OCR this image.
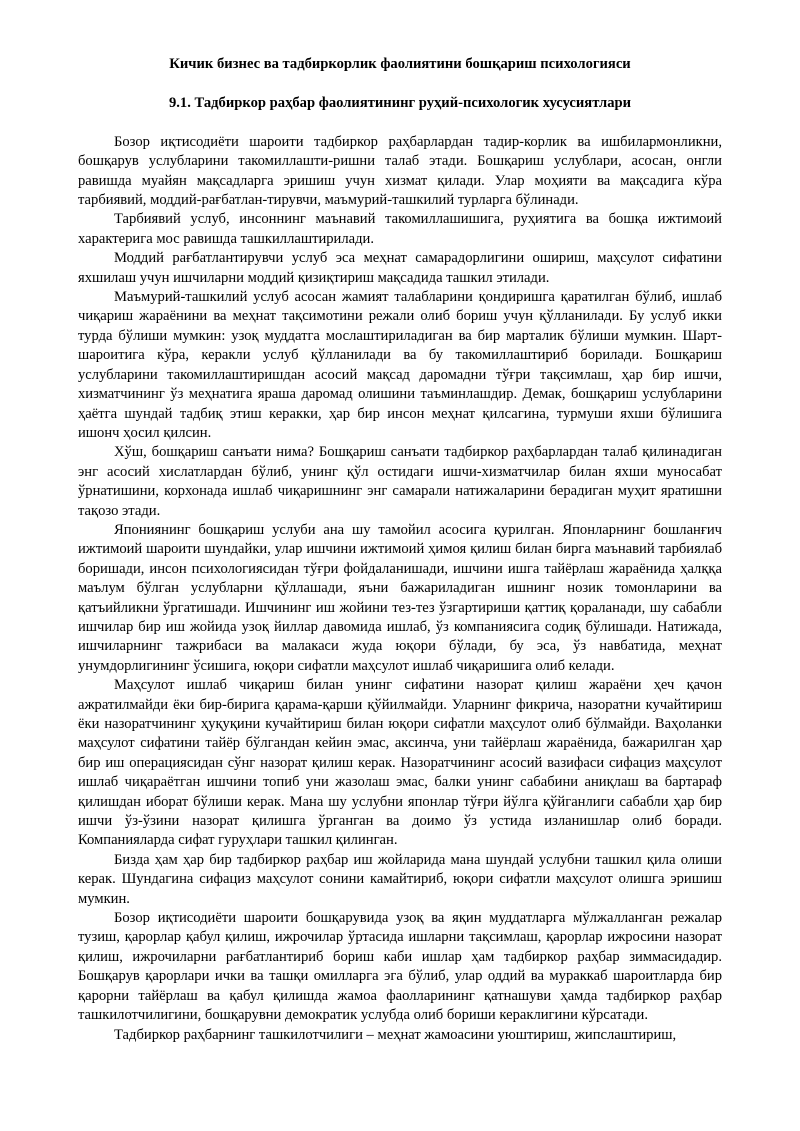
Кичик бизнес ва тадбиркорлик фаолиятини бошқариш психологияси
9.1. Тадбиркор раҳбар фаолиятининг руҳий-психологик хусусиятлари

Бозор иқтисодиёти шароити тадбиркор раҳбарлардан тадир-корлик ва ишбилармонликни, бошқарув услубларини такомиллашти-ришни талаб этади. Бошқариш услублари, асосан, онгли равишда муайян мақсадларга эришиш учун хизмат қилади. Улар моҳияти ва мақсадига кўра тарбиявий, моддий-рағбатлан-тирувчи, маъмурий-ташкилий турларга бўлинади.

Тарбиявий услуб, инсоннинг маънавий такомиллашишига, руҳиятига ва бошқа ижтимоий характерига мос равишда ташкиллаштирилади.

Моддий рағбатлантирувчи услуб эса меҳнат самарадорлигини ошириш, маҳсулот сифатини яхшилаш учун ишчиларни моддий қизиқтириш мақсадида ташкил этилади.

Маъмурий-ташкилий услуб асосан жамият талабларини қондиришга қаратилган бўлиб, ишлаб чиқариш жараёнини ва меҳнат тақсимотини режали олиб бориш учун қўлланилади. Бу услуб икки турда бўлиши мумкин: узоқ муддатга мослаштириладиган ва бир марталик бўлиши мумкин. Шарт-шароитига кўра, керакли услуб қўлланилади ва бу такомиллаштириб борилади. Бошқариш услубларини такомиллаштиришдан асосий мақсад даромадни тўғри тақсимлаш, ҳар бир ишчи, хизматчининг ўз меҳнатига яраша даромад олишини таъминлашдир. Демак, бошқариш услубларини ҳаётга шундай тадбиқ этиш керакки, ҳар бир инсон меҳнат қилсагина, турмуши яхши бўлишига ишонч ҳосил қилсин.

Хўш, бошқариш санъати нима? Бошқариш санъати тадбиркор раҳбарлардан талаб қилинадиган энг асосий хислатлардан бўлиб, унинг қўл остидаги ишчи-хизматчилар билан яхши муносабат ўрнатишини, корхонада ишлаб чиқаришнинг энг самарали натижаларини берадиган муҳит яратишни тақозо этади.

Япониянинг бошқариш услуби ана шу тамойил асосига қурилган. Японларнинг бошланғич ижтимоий шароити шундайки, улар ишчини ижтимоий ҳимоя қилиш билан бирга маънавий тарбиялаб боришади, инсон психологиясидан тўғри фойдаланишади, ишчини ишга тайёрлаш жараёнида ҳалққа маълум бўлган услубларни қўллашади, яъни бажариладиган ишнинг нозик томонларини ва қатъийликни ўргатишади. Ишчининг иш жойини тез-тез ўзгартириши қаттиқ қораланади, шу сабабли ишчилар бир иш жойида узоқ йиллар давомида ишлаб, ўз компаниясига содиқ бўлишади. Натижада, ишчиларнинг тажрибаси ва малакаси жуда юқори бўлади, бу эса, ўз навбатида, меҳнат унумдорлигининг ўсишига, юқори сифатли маҳсулот ишлаб чиқаришига олиб келади.

Маҳсулот ишлаб чиқариш билан унинг сифатини назорат қилиш жараёни ҳеч қачон ажратилмайди ёки бир-бирига қарама-қарши қўйилмайди. Уларнинг фикрича, назоратни кучайтириш ёки назоратчининг ҳуқуқини кучайтириш билан юқори сифатли маҳсулот олиб бўлмайди. Ваҳоланки маҳсулот сифатини тайёр бўлгандан кейин эмас, аксинча, уни тайёрлаш жараёнида, бажарилган ҳар бир иш операциясидан сўнг назорат қилиш керак. Назоратчининг асосий вазифаси сифациз маҳсулот ишлаб чиқараётган ишчини топиб уни жазолаш эмас, балки унинг сабабини аниқлаш ва бартараф қилишдан иборат бўлиши керак. Мана шу услубни японлар тўғри йўлга қўйганлиги сабабли ҳар бир ишчи ўз-ўзини назорат қилишга ўрганган ва доимо ўз устида изланишлар олиб боради. Компанияларда сифат гуруҳлари ташкил қилинган.

Бизда ҳам ҳар бир тадбиркор раҳбар иш жойларида мана шундай услубни ташкил қила олиши керак. Шундагина сифациз маҳсулот сонини камайтириб, юқори сифатли маҳсулот олишга эришиш мумкин.

Бозор иқтисодиёти шароити бошқарувида узоқ ва яқин муддатларга мўлжалланган режалар тузиш, қарорлар қабул қилиш, ижрочилар ўртасида ишларни тақсимлаш, қарорлар ижросини назорат қилиш, ижрочиларни рағбатлантириб бориш каби ишлар ҳам тадбиркор раҳбар зиммасидадир. Бошқарув қарорлари ички ва ташқи омилларга эга бўлиб, улар оддий ва мураккаб шароитларда бир қарорни тайёрлаш ва қабул қилишда жамоа фаолларининг қатнашуви ҳамда тадбиркор раҳбар ташкилотчилигини, бошқарувни демократик услубда олиб бориши кераклигини кўрсатади.

Тадбиркор раҳбарнинг ташкилотчилиги – меҳнат жамоасини уюштириш, жипслаштириш,
